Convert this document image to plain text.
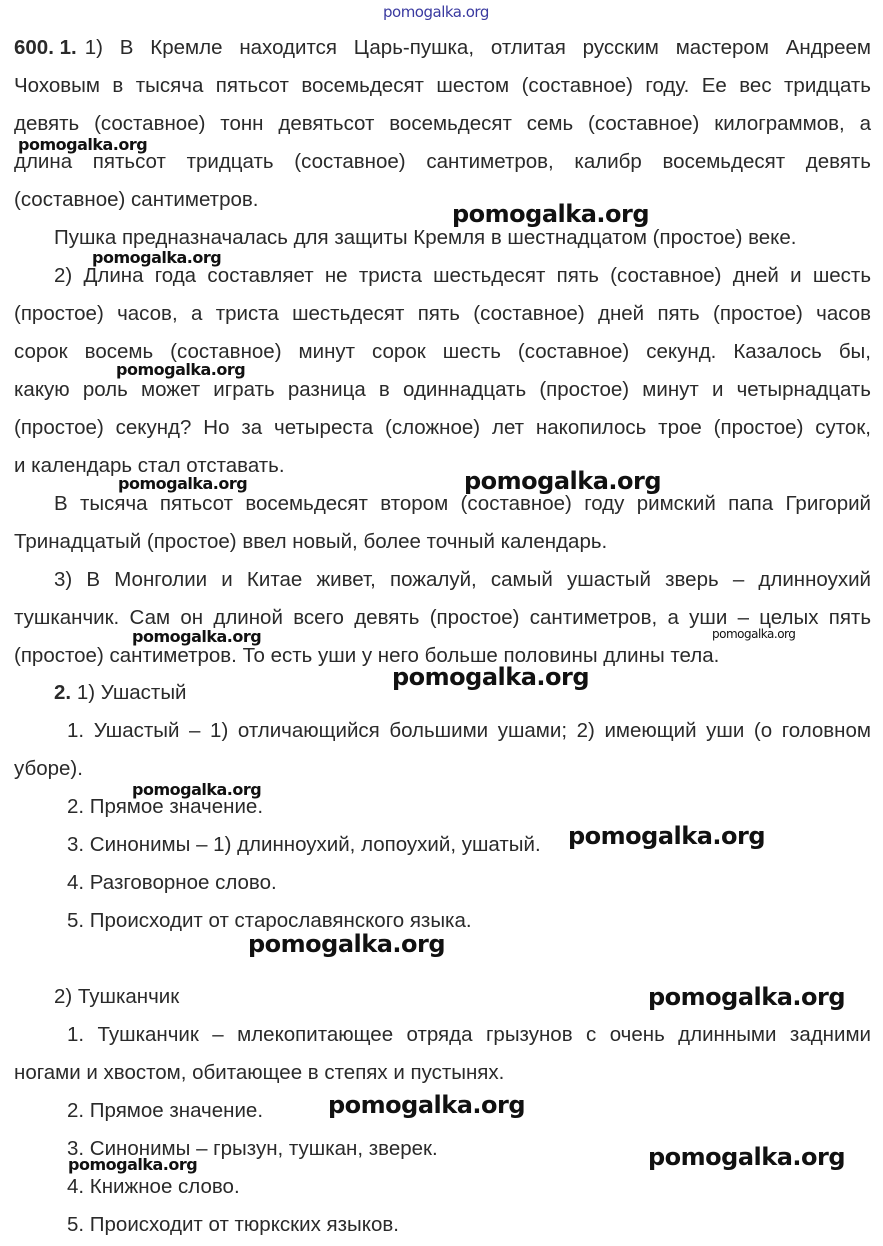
pomogalka.org
pomogalka.org
pomogalka.org
pomogalka.org
pomogalka.org
pomogalka.org
pomogalka.org
pomogalka.org	pomogalka.org
pomogalka.org
pomogalka.org
pomogalka.org
pomogalka.org
pomogalka.org
pomogalka.org
pomogalka.org
pomogalka.org
600. 1. 1) В Кремле находится Царь-пушка, отлитая русским мастером Андреем
Чоховым в тысяча пятьсот восемьдесят шестом (составное) году. Ее вес тридцать
девять (составное) тонн девятьсот восемьдесят семь (составное) килограммов, а
длина пятьсот тридцать (составное) сантиметров, калибр восемьдесят девять
(составное) сантиметров.
Пушка предназначалась для защиты Кремля в шестнадцатом (простое) веке.
2) Длина года составляет не триста шестьдесят пять (составное) дней и шесть
(простое) часов, а триста шестьдесят пять (составное) дней пять (простое) часов
сорок восемь (составное) минут сорок шесть (составное) секунд. Казалось бы,
какую роль может играть разница в одиннадцать (простое) минут и четырнадцать
(простое) секунд? Но за четыреста (сложное) лет накопилось трое (простое) суток,
и календарь стал отставать.
В тысяча пятьсот восемьдесят втором (составное) году римский папа Григорий
Тринадцатый (простое) ввел новый, более точный календарь.
3) В Монголии и Китае живет, пожалуй, самый ушастый зверь – длинноухий
тушканчик. Сам он длиной всего девять (простое) сантиметров, а уши – целых пять
(простое) сантиметров. То есть уши у него больше половины длины тела.
2. 1) Ушастый
1. Ушастый – 1) отличающийся большими ушами; 2) имеющий уши (о головном
уборе).
2. Прямое значение.
3. Синонимы – 1) длинноухий, лопоухий, ушатый.
4. Разговорное слово.
5. Происходит от старославянского языка.
2) Тушканчик
1. Тушканчик – млекопитающее отряда грызунов с очень длинными задними
ногами и хвостом, обитающее в степях и пустынях.
2. Прямое значение.
3. Синонимы – грызун, тушкан, зверек.
4. Книжное слово.
5. Происходит от тюркских языков.
